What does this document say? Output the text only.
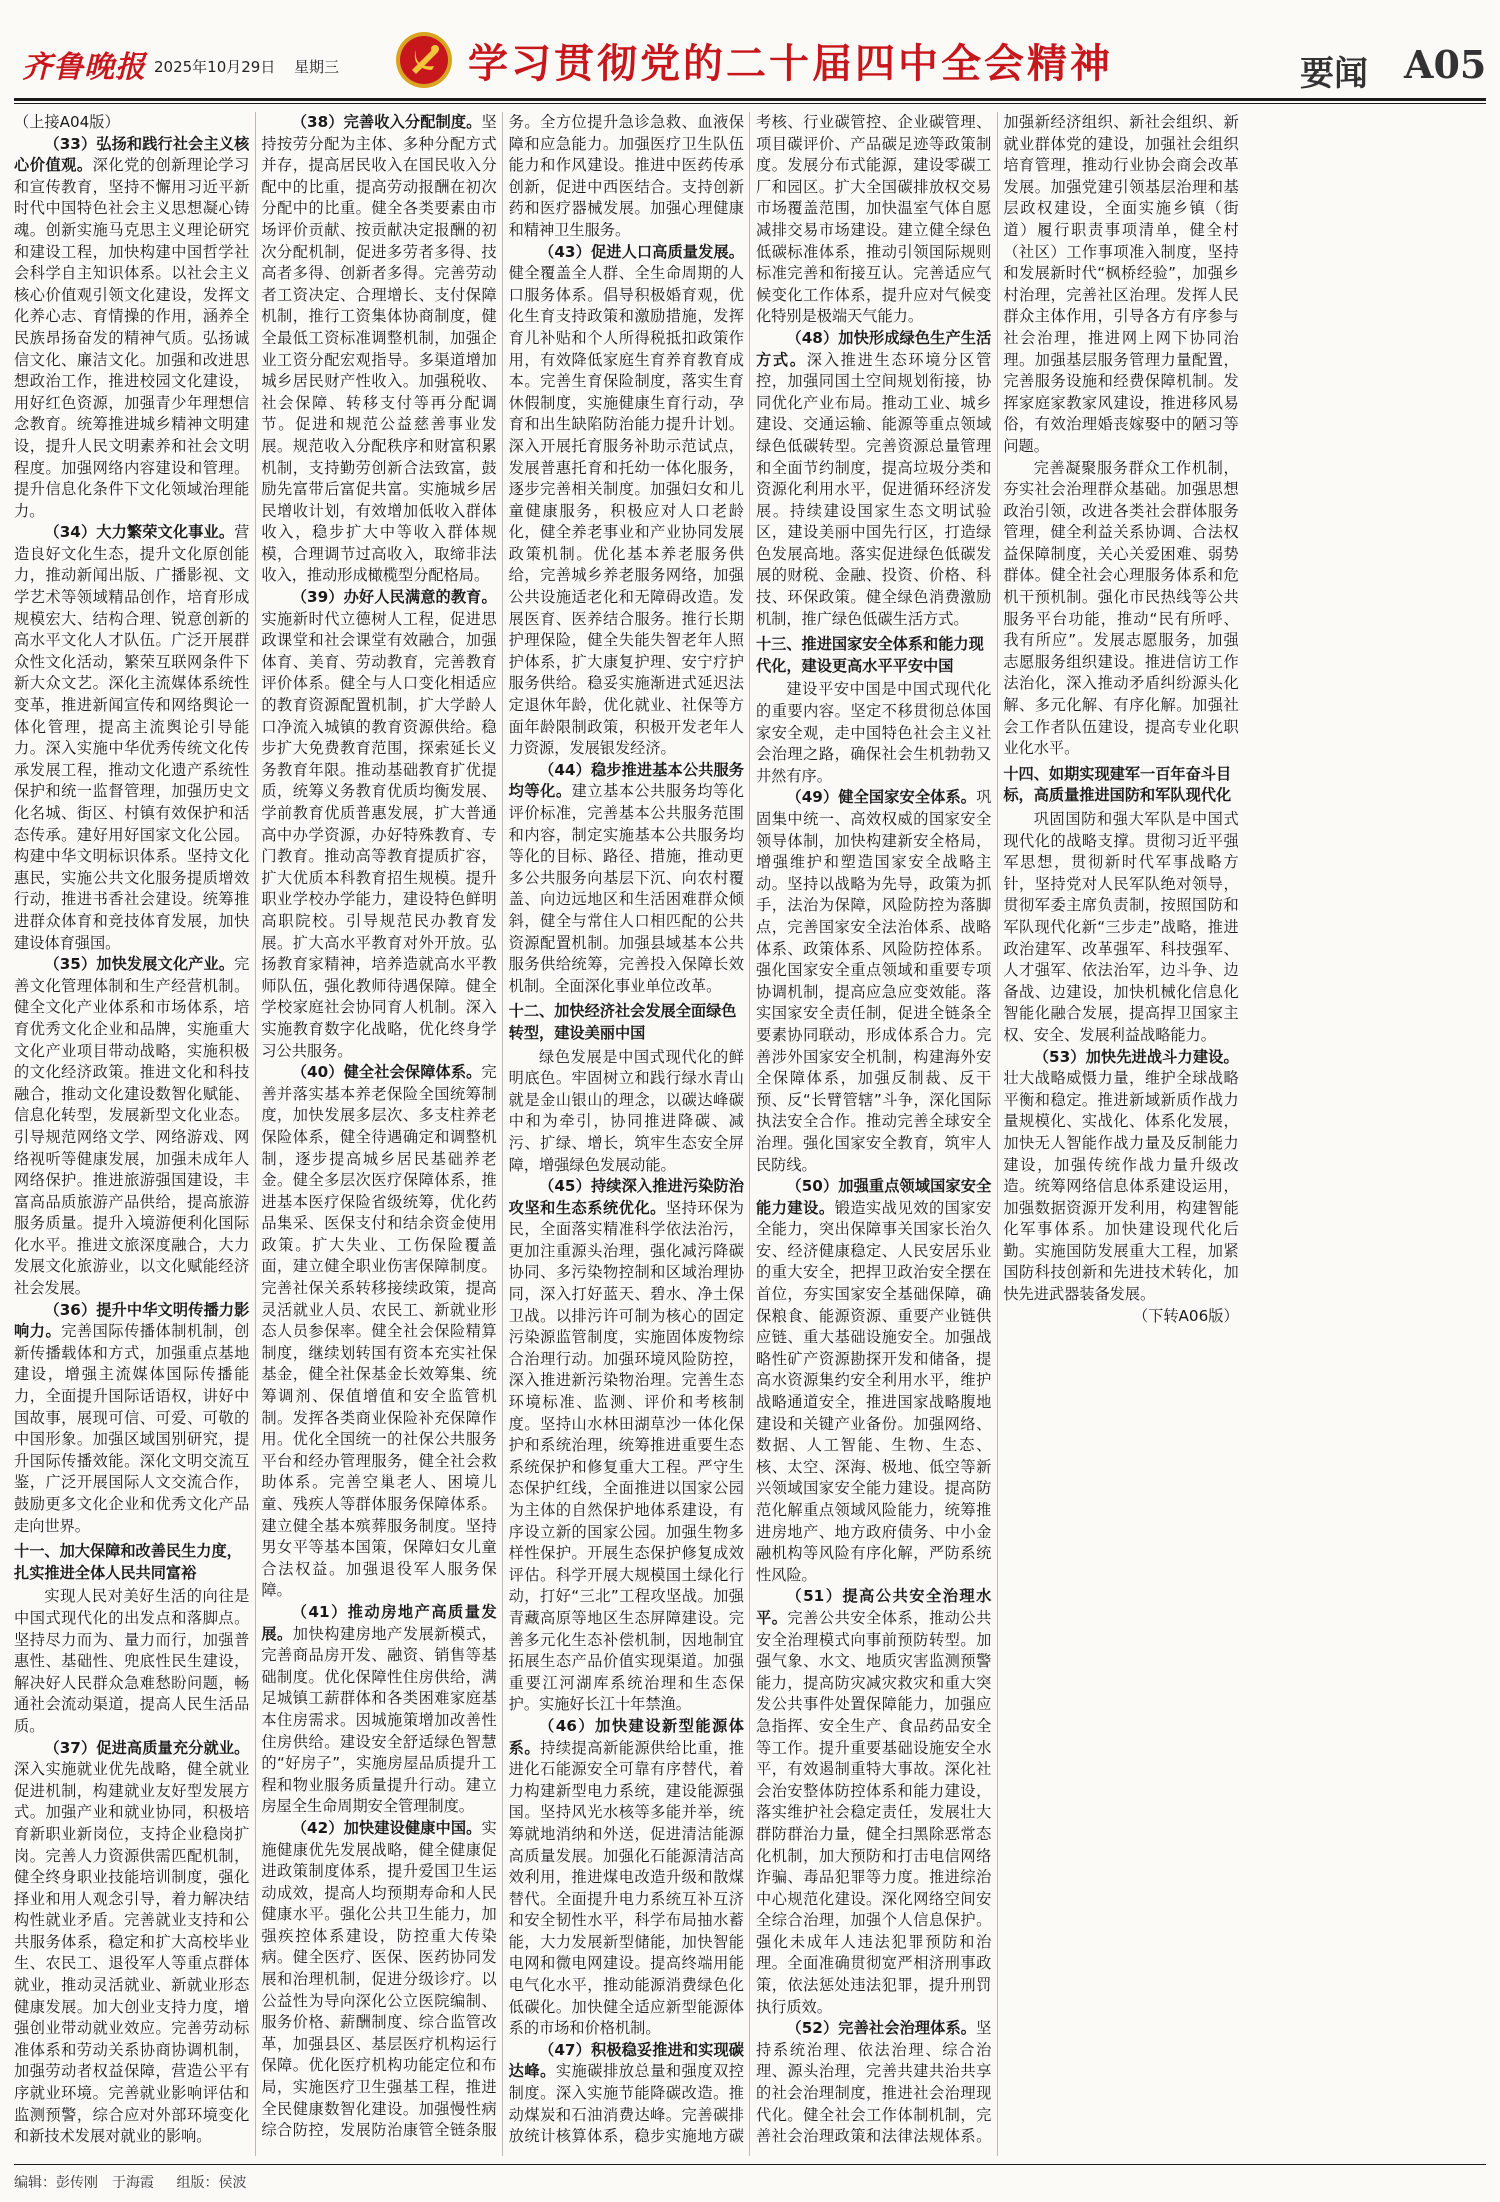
齐鲁晚报 2025年10月29日 星期三	学习贯彻党的二十届四中全会精神	要闻 A05

（上接A04版）

（33）弘扬和践行社会主义核心价值观。深化党的创新理论学习和宣传教育，坚持不懈用习近平新时代中国特色社会主义思想凝心铸魂。创新实施马克思主义理论研究和建设工程，加快构建中国哲学社会科学自主知识体系。以社会主义核心价值观引领文化建设，发挥文化养心志、育情操的作用，涵养全民族昂扬奋发的精神气质。弘扬诚信文化、廉洁文化。加强和改进思想政治工作，推进校园文化建设，用好红色资源，加强青少年理想信念教育。统筹推进城乡精神文明建设，提升人民文明素养和社会文明程度。加强网络内容建设和管理。提升信息化条件下文化领域治理能力。

（34）大力繁荣文化事业。营造良好文化生态，提升文化原创能力，推动新闻出版、广播影视、文学艺术等领域精品创作，培育形成规模宏大、结构合理、锐意创新的高水平文化人才队伍。广泛开展群众性文化活动，繁荣互联网条件下新大众文艺。深化主流媒体系统性变革，推进新闻宣传和网络舆论一体化管理，提高主流舆论引导能力。深入实施中华优秀传统文化传承发展工程，推动文化遗产系统性保护和统一监督管理，加强历史文化名城、街区、村镇有效保护和活态传承。建好用好国家文化公园。构建中华文明标识体系。坚持文化惠民，实施公共文化服务提质增效行动，推进书香社会建设。统筹推进群众体育和竞技体育发展，加快建设体育强国。

（35）加快发展文化产业。完善文化管理体制和生产经营机制。健全文化产业体系和市场体系，培育优秀文化企业和品牌，实施重大文化产业项目带动战略，实施积极的文化经济政策。推进文化和科技融合，推动文化建设数智化赋能、信息化转型，发展新型文化业态。引导规范网络文学、网络游戏、网络视听等健康发展，加强未成年人网络保护。推进旅游强国建设，丰富高品质旅游产品供给，提高旅游服务质量。提升入境游便利化国际化水平。推进文旅深度融合，大力发展文化旅游业，以文化赋能经济社会发展。

（36）提升中华文明传播力影响力。完善国际传播体制机制，创新传播载体和方式，加强重点基地建设，增强主流媒体国际传播能力，全面提升国际话语权，讲好中国故事，展现可信、可爱、可敬的中国形象。加强区域国别研究，提升国际传播效能。深化文明交流互鉴，广泛开展国际人文交流合作，鼓励更多文化企业和优秀文化产品走向世界。

十一、加大保障和改善民生力度，扎实推进全体人民共同富裕

实现人民对美好生活的向往是中国式现代化的出发点和落脚点。坚持尽力而为、量力而行，加强普惠性、基础性、兜底性民生建设，解决好人民群众急难愁盼问题，畅通社会流动渠道，提高人民生活品质。

（37）促进高质量充分就业。深入实施就业优先战略，健全就业促进机制，构建就业友好型发展方式。加强产业和就业协同，积极培育新职业新岗位，支持企业稳岗扩岗。完善人力资源供需匹配机制，健全终身职业技能培训制度，强化择业和用人观念引导，着力解决结构性就业矛盾。完善就业支持和公共服务体系，稳定和扩大高校毕业生、农民工、退役军人等重点群体就业，推动灵活就业、新就业形态健康发展。加大创业支持力度，增强创业带动就业效应。完善劳动标准体系和劳动关系协商协调机制，加强劳动者权益保障，营造公平有序就业环境。完善就业影响评估和监测预警，综合应对外部环境变化和新技术发展对就业的影响。

（38）完善收入分配制度。坚持按劳分配为主体、多种分配方式并存，提高居民收入在国民收入分配中的比重，提高劳动报酬在初次分配中的比重。健全各类要素由市场评价贡献、按贡献决定报酬的初次分配机制，促进多劳者多得、技高者多得、创新者多得。完善劳动者工资决定、合理增长、支付保障机制，推行工资集体协商制度，健全最低工资标准调整机制，加强企业工资分配宏观指导。多渠道增加城乡居民财产性收入。加强税收、社会保障、转移支付等再分配调节。促进和规范公益慈善事业发展。规范收入分配秩序和财富积累机制，支持勤劳创新合法致富，鼓励先富带后富促共富。实施城乡居民增收计划，有效增加低收入群体收入，稳步扩大中等收入群体规模，合理调节过高收入，取缔非法收入，推动形成橄榄型分配格局。

（39）办好人民满意的教育。实施新时代立德树人工程，促进思政课堂和社会课堂有效融合，加强体育、美育、劳动教育，完善教育评价体系。健全与人口变化相适应的教育资源配置机制，扩大学龄人口净流入城镇的教育资源供给。稳步扩大免费教育范围，探索延长义务教育年限。推动基础教育扩优提质，统筹义务教育优质均衡发展、学前教育优质普惠发展，扩大普通高中办学资源，办好特殊教育、专门教育。推动高等教育提质扩容，扩大优质本科教育招生规模。提升职业学校办学能力，建设特色鲜明高职院校。引导规范民办教育发展。扩大高水平教育对外开放。弘扬教育家精神，培养造就高水平教师队伍，强化教师待遇保障。健全学校家庭社会协同育人机制。深入实施教育数字化战略，优化终身学习公共服务。

（40）健全社会保障体系。完善并落实基本养老保险全国统筹制度，加快发展多层次、多支柱养老保险体系，健全待遇确定和调整机制，逐步提高城乡居民基础养老金。健全多层次医疗保障体系，推进基本医疗保险省级统筹，优化药品集采、医保支付和结余资金使用政策。扩大失业、工伤保险覆盖面，建立健全职业伤害保障制度。完善社保关系转移接续政策，提高灵活就业人员、农民工、新就业形态人员参保率。健全社会保险精算制度，继续划转国有资本充实社保基金，健全社保基金长效筹集、统筹调剂、保值增值和安全监管机制。发挥各类商业保险补充保障作用。优化全国统一的社保公共服务平台和经办管理服务，健全社会救助体系。完善空巢老人、困境儿童、残疾人等群体服务保障体系。建立健全基本殡葬服务制度。坚持男女平等基本国策，保障妇女儿童合法权益。加强退役军人服务保障。

（41）推动房地产高质量发展。加快构建房地产发展新模式，完善商品房开发、融资、销售等基础制度。优化保障性住房供给，满足城镇工薪群体和各类困难家庭基本住房需求。因城施策增加改善性住房供给。建设安全舒适绿色智慧的“好房子”，实施房屋品质提升工程和物业服务质量提升行动。建立房屋全生命周期安全管理制度。

（42）加快建设健康中国。实施健康优先发展战略，健全健康促进政策制度体系，提升爱国卫生运动成效，提高人均预期寿命和人民健康水平。强化公共卫生能力，加强疾控体系建设，防控重大传染病。健全医疗、医保、医药协同发展和治理机制，促进分级诊疗。以公益性为导向深化公立医院编制、服务价格、薪酬制度、综合监管改革，加强县区、基层医疗机构运行保障。优化医疗机构功能定位和布局，实施医疗卫生强基工程，推进全民健康数智化建设。加强慢性病综合防控，发展防治康管全链条服务。全方位提升急诊急救、血液保障和应急能力。加强医疗卫生队伍能力和作风建设。推进中医药传承创新，促进中西医结合。支持创新药和医疗器械发展。加强心理健康和精神卫生服务。

（43）促进人口高质量发展。健全覆盖全人群、全生命周期的人口服务体系。倡导积极婚育观，优化生育支持政策和激励措施，发挥育儿补贴和个人所得税抵扣政策作用，有效降低家庭生育养育教育成本。完善生育保险制度，落实生育休假制度，实施健康生育行动，孕育和出生缺陷防治能力提升计划。深入开展托育服务补助示范试点，发展普惠托育和托幼一体化服务，逐步完善相关制度。加强妇女和儿童健康服务，积极应对人口老龄化，健全养老事业和产业协同发展政策机制。优化基本养老服务供给，完善城乡养老服务网络，加强公共设施适老化和无障碍改造。发展医育、医养结合服务。推行长期护理保险，健全失能失智老年人照护体系，扩大康复护理、安宁疗护服务供给。稳妥实施渐进式延迟法定退休年龄，优化就业、社保等方面年龄限制政策，积极开发老年人力资源，发展银发经济。

（44）稳步推进基本公共服务均等化。建立基本公共服务均等化评价标准，完善基本公共服务范围和内容，制定实施基本公共服务均等化的目标、路径、措施，推动更多公共服务向基层下沉、向农村覆盖、向边远地区和生活困难群众倾斜，健全与常住人口相匹配的公共资源配置机制。加强县域基本公共服务供给统筹，完善投入保障长效机制。全面深化事业单位改革。

十二、加快经济社会发展全面绿色转型，建设美丽中国

绿色发展是中国式现代化的鲜明底色。牢固树立和践行绿水青山就是金山银山的理念，以碳达峰碳中和为牵引，协同推进降碳、减污、扩绿、增长，筑牢生态安全屏障，增强绿色发展动能。

（45）持续深入推进污染防治攻坚和生态系统优化。坚持环保为民，全面落实精准科学依法治污，更加注重源头治理，强化减污降碳协同、多污染物控制和区域治理协同，深入打好蓝天、碧水、净土保卫战。以排污许可制为核心的固定污染源监管制度，实施固体废物综合治理行动。加强环境风险防控，深入推进新污染物治理。完善生态环境标准、监测、评价和考核制度。坚持山水林田湖草沙一体化保护和系统治理，统筹推进重要生态系统保护和修复重大工程。严守生态保护红线，全面推进以国家公园为主体的自然保护地体系建设，有序设立新的国家公园。加强生物多样性保护。开展生态保护修复成效评估。科学开展大规模国土绿化行动，打好“三北”工程攻坚战。加强青藏高原等地区生态屏障建设。完善多元化生态补偿机制，因地制宜拓展生态产品价值实现渠道。加强重要江河湖库系统治理和生态保护。实施好长江十年禁渔。

（46）加快建设新型能源体系。持续提高新能源供给比重，推进化石能源安全可靠有序替代，着力构建新型电力系统，建设能源强国。坚持风光水核等多能并举，统筹就地消纳和外送，促进清洁能源高质量发展。加强化石能源清洁高效利用，推进煤电改造升级和散煤替代。全面提升电力系统互补互济和安全韧性水平，科学布局抽水蓄能，大力发展新型储能，加快智能电网和微电网建设。提高终端用能电气化水平，推动能源消费绿色化低碳化。加快健全适应新型能源体系的市场和价格机制。

（47）积极稳妥推进和实现碳达峰。实施碳排放总量和强度双控制度。深入实施节能降碳改造。推动煤炭和石油消费达峰。完善碳排放统计核算体系，稳步实施地方碳考核、行业碳管控、企业碳管理、项目碳评价、产品碳足迹等政策制度。发展分布式能源，建设零碳工厂和园区。扩大全国碳排放权交易市场覆盖范围，加快温室气体自愿减排交易市场建设。建立健全绿色低碳标准体系，推动引领国际规则标准完善和衔接互认。完善适应气候变化工作体系，提升应对气候变化特别是极端天气能力。

（48）加快形成绿色生产生活方式。深入推进生态环境分区管控，加强同国土空间规划衔接，协同优化产业布局。推动工业、城乡建设、交通运输、能源等重点领域绿色低碳转型。完善资源总量管理和全面节约制度，提高垃圾分类和资源化利用水平，促进循环经济发展。持续建设国家生态文明试验区，建设美丽中国先行区，打造绿色发展高地。落实促进绿色低碳发展的财税、金融、投资、价格、科技、环保政策。健全绿色消费激励机制，推广绿色低碳生活方式。

十三、推进国家安全体系和能力现代化，建设更高水平平安中国

建设平安中国是中国式现代化的重要内容。坚定不移贯彻总体国家安全观，走中国特色社会主义社会治理之路，确保社会生机勃勃又井然有序。

（49）健全国家安全体系。巩固集中统一、高效权威的国家安全领导体制，加快构建新安全格局，增强维护和塑造国家安全战略主动。坚持以战略为先导，政策为抓手，法治为保障，风险防控为落脚点，完善国家安全法治体系、战略体系、政策体系、风险防控体系。强化国家安全重点领域和重要专项协调机制，提高应急应变效能。落实国家安全责任制，促进全链条全要素协同联动，形成体系合力。完善涉外国家安全机制，构建海外安全保障体系，加强反制裁、反干预、反“长臂管辖”斗争，深化国际执法安全合作。推动完善全球安全治理。强化国家安全教育，筑牢人民防线。

（50）加强重点领域国家安全能力建设。锻造实战见效的国家安全能力，突出保障事关国家长治久安、经济健康稳定、人民安居乐业的重大安全，把捍卫政治安全摆在首位，夯实国家安全基础保障，确保粮食、能源资源、重要产业链供应链、重大基础设施安全。加强战略性矿产资源勘探开发和储备，提高水资源集约安全利用水平，维护战略通道安全，推进国家战略腹地建设和关键产业备份。加强网络、数据、人工智能、生物、生态、核、太空、深海、极地、低空等新兴领域国家安全能力建设。提高防范化解重点领域风险能力，统筹推进房地产、地方政府债务、中小金融机构等风险有序化解，严防系统性风险。

（51）提高公共安全治理水平。完善公共安全体系，推动公共安全治理模式向事前预防转型。加强气象、水文、地质灾害监测预警能力，提高防灾减灾救灾和重大突发公共事件处置保障能力，加强应急指挥、安全生产、食品药品安全等工作。提升重要基础设施安全水平，有效遏制重特大事故。深化社会治安整体防控体系和能力建设，落实维护社会稳定责任，发展壮大群防群治力量，健全扫黑除恶常态化机制，加大预防和打击电信网络诈骗、毒品犯罪等力度。推进综治中心规范化建设。深化网络空间安全综合治理，加强个人信息保护。强化未成年人违法犯罪预防和治理。全面准确贯彻宽严相济刑事政策，依法惩处违法犯罪，提升刑罚执行质效。

（52）完善社会治理体系。坚持系统治理、依法治理、综合治理、源头治理，完善共建共治共享的社会治理制度，推进社会治理现代化。健全社会工作体制机制，完善社会治理政策和法律法规体系。加强新经济组织、新社会组织、新就业群体党的建设，加强社会组织培育管理，推动行业协会商会改革发展。加强党建引领基层治理和基层政权建设，全面实施乡镇（街道）履行职责事项清单，健全村（社区）工作事项准入制度，坚持和发展新时代“枫桥经验”，加强乡村治理，完善社区治理。发挥人民群众主体作用，引导各方有序参与社会治理，推进网上网下协同治理。加强基层服务管理力量配置，完善服务设施和经费保障机制。发挥家庭家教家风建设，推进移风易俗，有效治理婚丧嫁娶中的陋习等问题。

完善凝聚服务群众工作机制，夯实社会治理群众基础。加强思想政治引领，改进各类社会群体服务管理，健全利益关系协调、合法权益保障制度，关心关爱困难、弱势群体。健全社会心理服务体系和危机干预机制。强化市民热线等公共服务平台功能，推动“民有所呼、我有所应”。发展志愿服务，加强志愿服务组织建设。推进信访工作法治化，深入推动矛盾纠纷源头化解、多元化解、有序化解。加强社会工作者队伍建设，提高专业化职业化水平。

十四、如期实现建军一百年奋斗目标，高质量推进国防和军队现代化

巩固国防和强大军队是中国式现代化的战略支撑。贯彻习近平强军思想，贯彻新时代军事战略方针，坚持党对人民军队绝对领导，贯彻军委主席负责制，按照国防和军队现代化新“三步走”战略，推进政治建军、改革强军、科技强军、人才强军、依法治军，边斗争、边备战、边建设，加快机械化信息化智能化融合发展，提高捍卫国家主权、安全、发展利益战略能力。

（53）加快先进战斗力建设。壮大战略威慑力量，维护全球战略平衡和稳定。推进新域新质作战力量规模化、实战化、体系化发展，加快无人智能作战力量及反制能力建设，加强传统作战力量升级改造。统筹网络信息体系建设运用，加强数据资源开发利用，构建智能化军事体系。加快建设现代化后勤。实施国防发展重大工程，加紧国防科技创新和先进技术转化，加快先进武器装备发展。

（下转A06版）

编辑：彭传刚　于海霞 组版：侯波
